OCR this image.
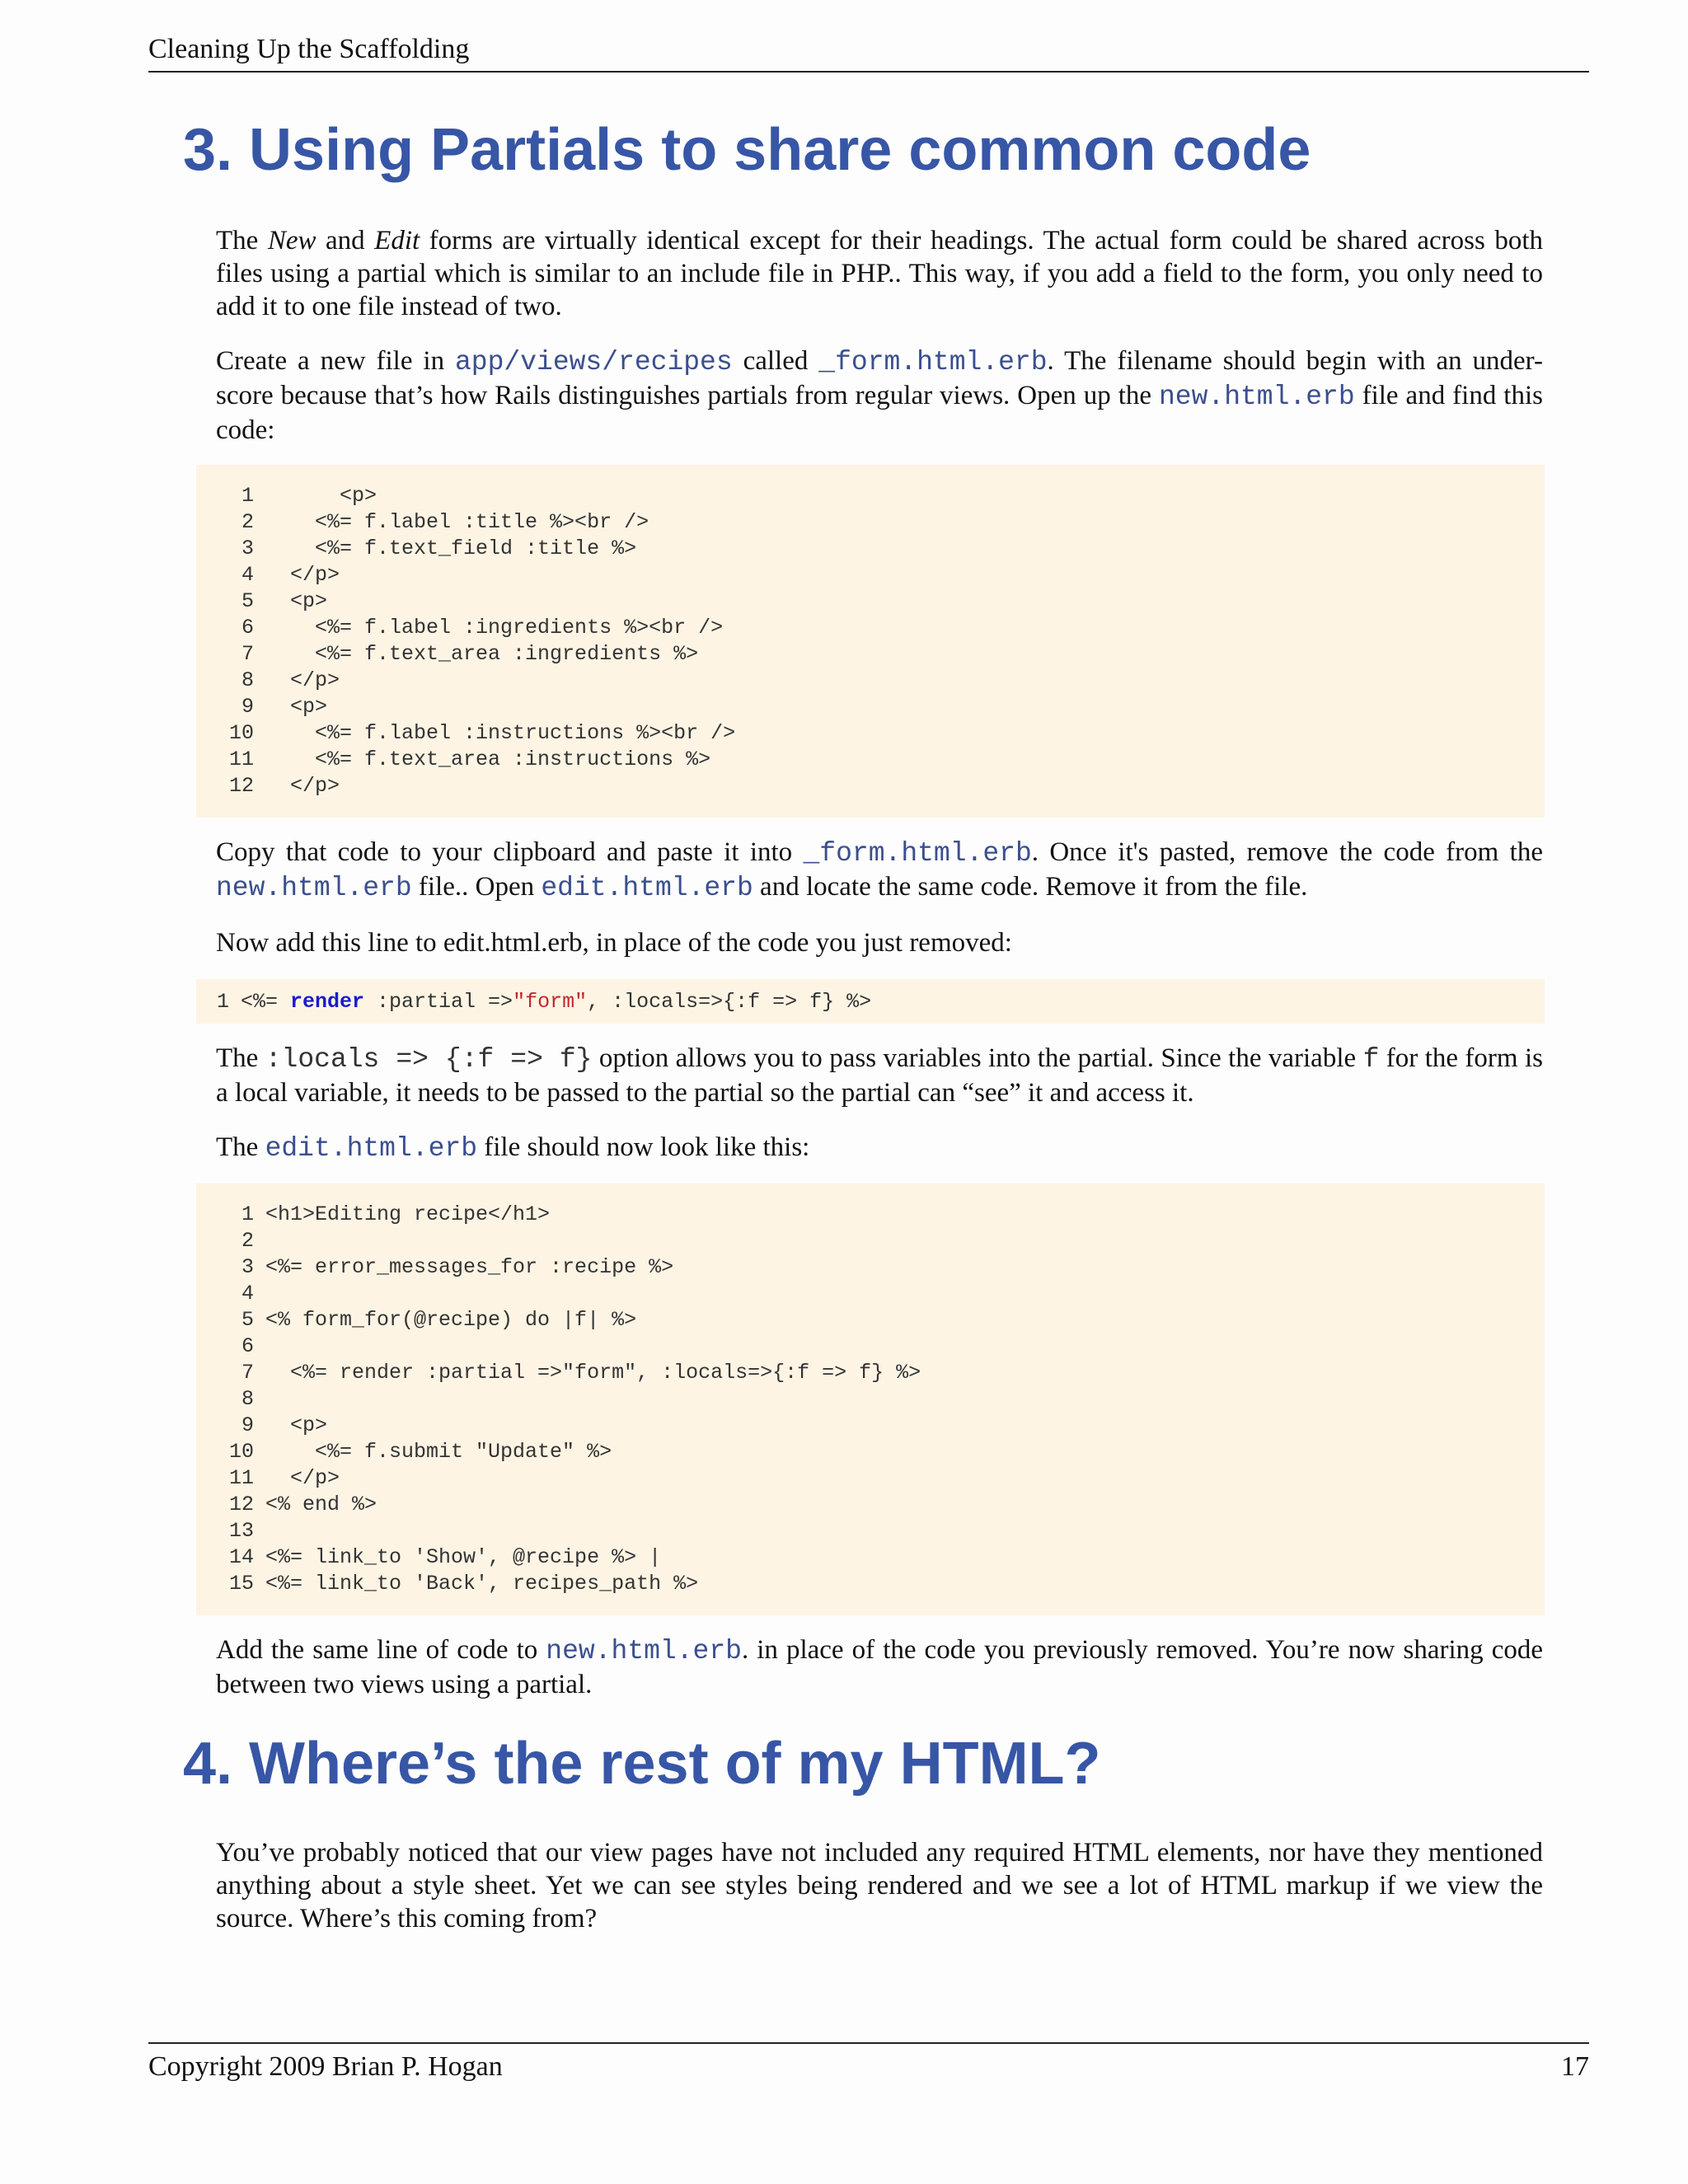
Cleaning Up the Scaffolding
3. Using Partials to share common code

The New and Edit forms are virtually identical except for their headings. The actual form could be shared across both files using a partial which is similar to an include file in PHP.. This way, if you add a field to the form, you only need to add it to one file instead of two.

Create a new file in app/views/recipes called _form.html.erb. The filename should begin with an under-score because that’s how Rails distinguishes partials from regular views. Open up the new.html.erb file and find this code:

1 <p>
2 <%= f.label :title %><br />
3 <%= f.text_field :title %>
4 </p>
5 <p>
6 <%= f.label :ingredients %><br />
7 <%= f.text_area :ingredients %>
8 </p>
9 <p>
10 <%= f.label :instructions %><br />
11 <%= f.text_area :instructions %>
12 </p>

Copy that code to your clipboard and paste it into _form.html.erb. Once it's pasted, remove the code from the new.html.erb file.. Open edit.html.erb and locate the same code. Remove it from the file.

Now add this line to edit.html.erb, in place of the code you just removed:

1 <%= render :partial =>"form", :locals=>{:f => f} %>

The :locals => {:f => f} option allows you to pass variables into the partial. Since the variable f for the form is a local variable, it needs to be passed to the partial so the partial can “see” it and access it.

The edit.html.erb file should now look like this:

1 <h1>Editing recipe</h1>
2
3 <%= error_messages_for :recipe %>
4
5 <% form_for(@recipe) do |f| %>
6
7 <%= render :partial =>"form", :locals=>{:f => f} %>
8
9 <p>
10 <%= f.submit "Update" %>
11 </p>
12 <% end %>
13
14 <%= link_to 'Show', @recipe %> |
15 <%= link_to 'Back', recipes_path %>

Add the same line of code to new.html.erb. in place of the code you previously removed. You’re now sharing code between two views using a partial.

4. Where’s the rest of my HTML?

You’ve probably noticed that our view pages have not included any required HTML elements, nor have they mentioned anything about a style sheet. Yet we can see styles being rendered and we see a lot of HTML markup if we view the source. Where’s this coming from?

Copyright 2009 Brian P. Hogan	17
